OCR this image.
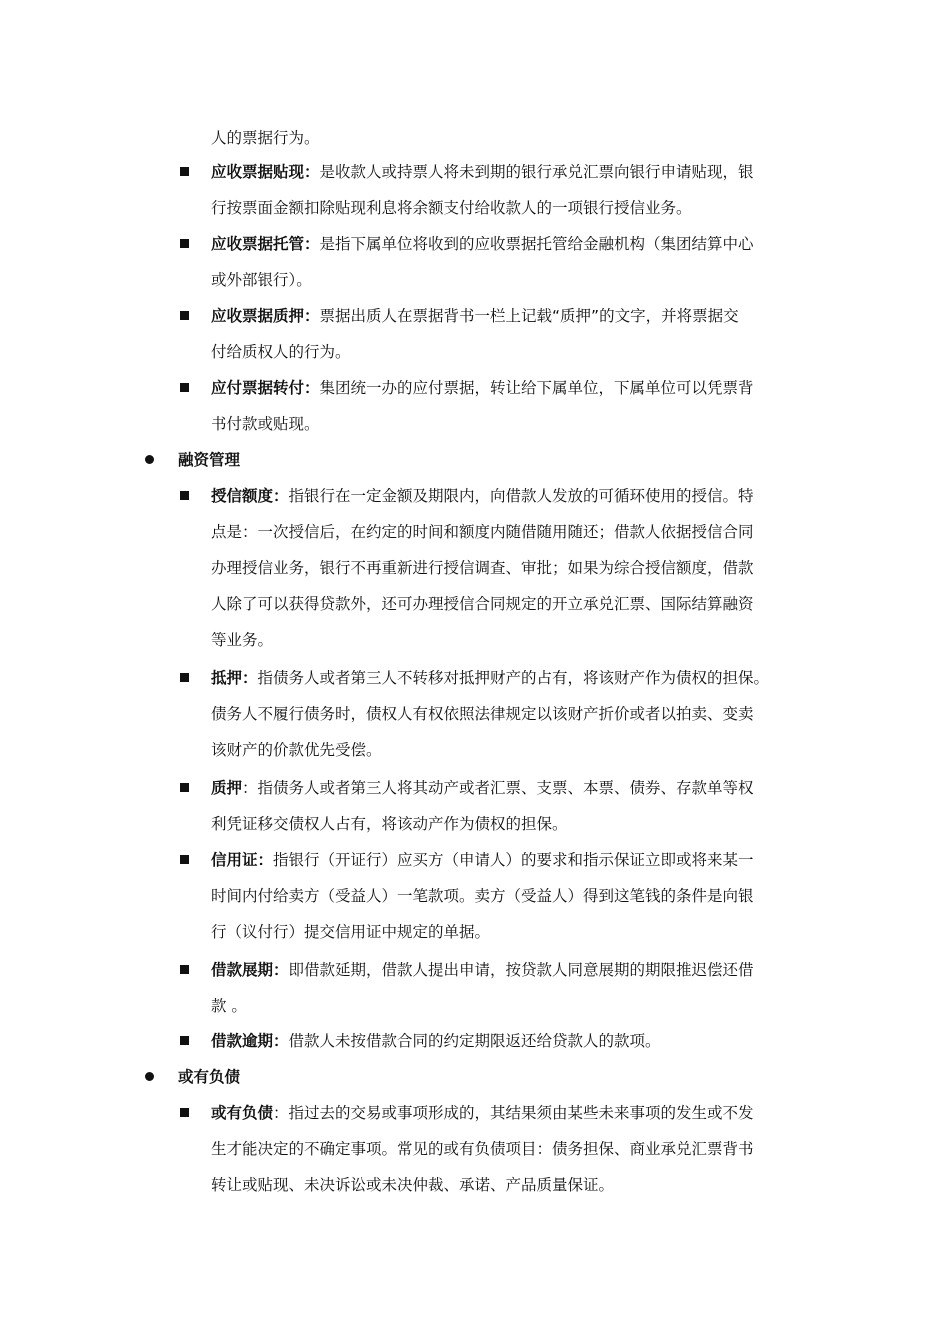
人的票据行为。
应收票据贴现：是收款人或持票人将未到期的银行承兑汇票向银行申请贴现，银
行按票面金额扣除贴现利息将余额支付给收款人的一项银行授信业务。
应收票据托管：是指下属单位将收到的应收票据托管给金融机构（集团结算中心
或外部银行）。
应收票据质押：票据出质人在票据背书一栏上记载“质押”的文字，并将票据交
付给质权人的行为。
应付票据转付：集团统一办的应付票据，转让给下属单位，下属单位可以凭票背
书付款或贴现。
融资管理
授信额度：指银行在一定金额及期限内，向借款人发放的可循环使用的授信。特
点是：一次授信后，在约定的时间和额度内随借随用随还；借款人依据授信合同
办理授信业务，银行不再重新进行授信调查、审批；如果为综合授信额度，借款
人除了可以获得贷款外，还可办理授信合同规定的开立承兑汇票、国际结算融资
等业务。
抵押：指债务人或者第三人不转移对抵押财产的占有，将该财产作为债权的担保。
债务人不履行债务时，债权人有权依照法律规定以该财产折价或者以拍卖、变卖
该财产的价款优先受偿。
质押：指债务人或者第三人将其动产或者汇票、支票、本票、债券、存款单等权
利凭证移交债权人占有，将该动产作为债权的担保。
信用证：指银行（开证行）应买方（申请人）的要求和指示保证立即或将来某一
时间内付给卖方（受益人）一笔款项。卖方（受益人）得到这笔钱的条件是向银
行（议付行）提交信用证中规定的单据。
借款展期：即借款延期，借款人提出申请，按贷款人同意展期的期限推迟偿还借
款 。
借款逾期：借款人未按借款合同的约定期限返还给贷款人的款项。
或有负债
或有负债：指过去的交易或事项形成的，其结果须由某些未来事项的发生或不发
生才能决定的不确定事项。常见的或有负债项目：债务担保、商业承兑汇票背书
转让或贴现、未决诉讼或未决仲裁、承诺、产品质量保证。
